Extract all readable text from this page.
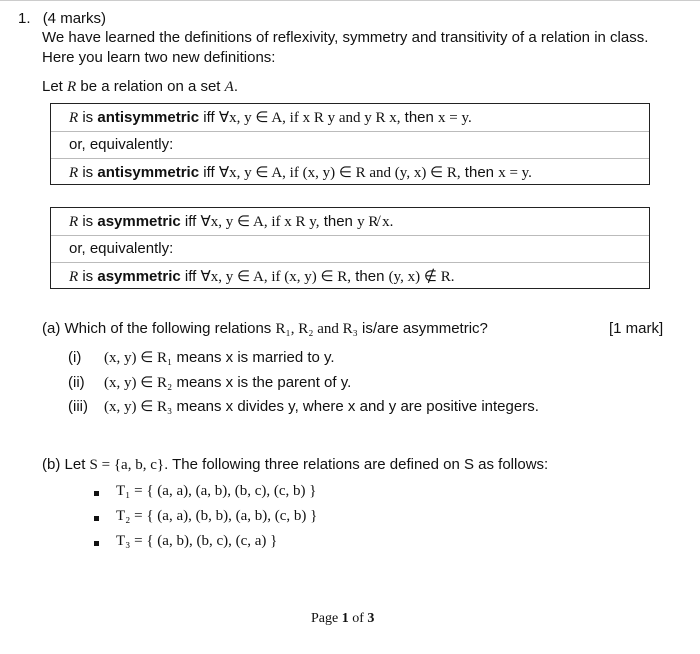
1. (4 marks)
We have learned the definitions of reflexivity, symmetry and transitivity of a relation in class.
Here you learn two new definitions:
Let R be a relation on a set A.
R is antisymmetric iff ∀x, y ∈ A, if x R y and y R x, then x = y.
or, equivalently:
R is antisymmetric iff ∀x, y ∈ A, if (x, y) ∈ R and (y, x) ∈ R, then x = y.
R is asymmetric iff ∀x, y ∈ A, if x R y, then y R̸ x.
or, equivalently:
R is asymmetric iff ∀x, y ∈ A, if (x, y) ∈ R, then (y, x) ∉ R.
(a) Which of the following relations R₁, R₂ and R₃ is/are asymmetric?	[1 mark]
(i) (x, y) ∈ R₁ means x is married to y.
(ii) (x, y) ∈ R₂ means x is the parent of y.
(iii) (x, y) ∈ R₃ means x divides y, where x and y are positive integers.
(b) Let S = {a, b, c}. The following three relations are defined on S as follows:
T₁ = { (a, a), (a, b), (b, c), (c, b) }
T₂ = { (a, a), (b, b), (a, b), (c, b) }
T₃ = { (a, b), (b, c), (c, a) }
Page 1 of 3
